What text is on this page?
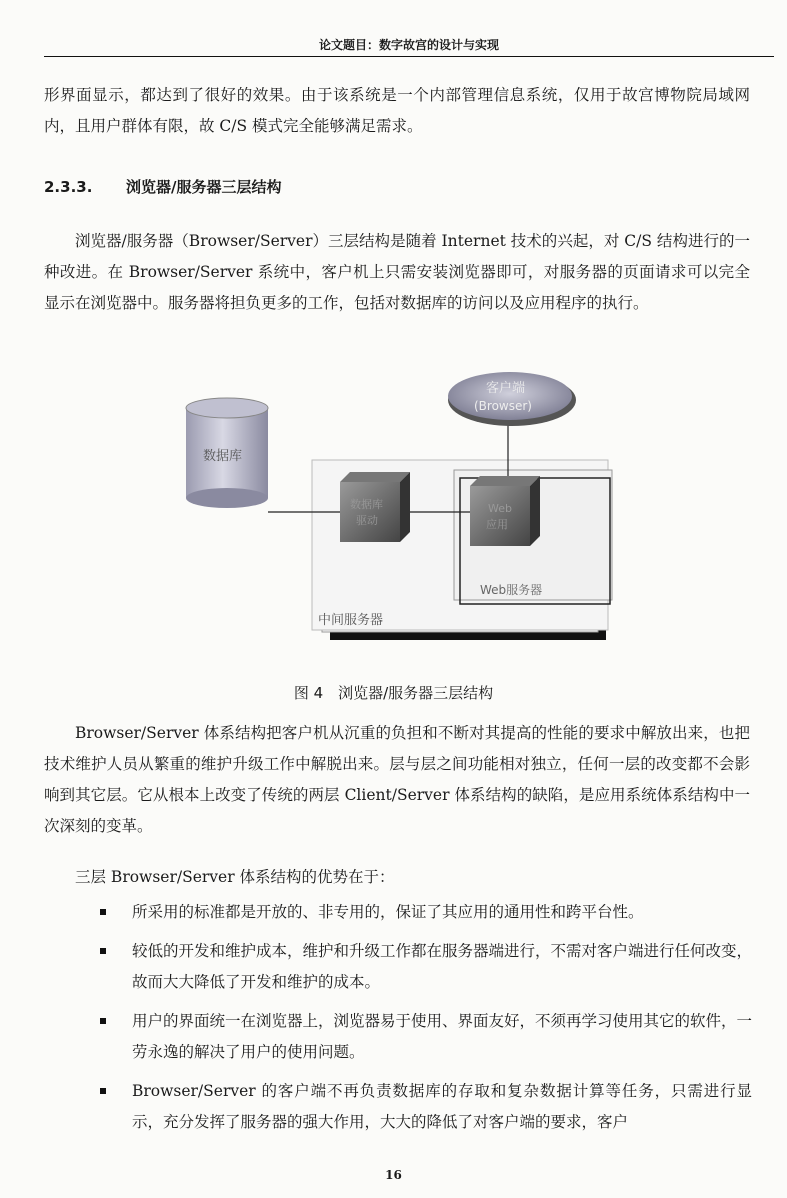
论文题目：数字故宫的设计与实现

形界面显示，都达到了很好的效果。由于该系统是一个内部管理信息系统，仅用于故宫博物院局域网内，且用户群体有限，故 C/S 模式完全能够满足需求。

2.3.3. 浏览器/服务器三层结构

浏览器/服务器（Browser/Server）三层结构是随着 Internet 技术的兴起，对 C/S 结构进行的一种改进。在 Browser/Server 系统中，客户机上只需安装浏览器即可，对服务器的页面请求可以完全显示在浏览器中。服务器将担负更多的工作，包括对数据库的访问以及应用程序的执行。

中间服务器
Web服务器
数据库
数据库
驱动
Web
应用
客户端
(Browser)
图 4　浏览器/服务器三层结构

Browser/Server 体系结构把客户机从沉重的负担和不断对其提高的性能的要求中解放出来，也把技术维护人员从繁重的维护升级工作中解脱出来。层与层之间功能相对独立，任何一层的改变都不会影响到其它层。它从根本上改变了传统的两层 Client/Server 体系结构的缺陷，是应用系统体系结构中一次深刻的变革。

三层 Browser/Server 体系结构的优势在于：

所采用的标准都是开放的、非专用的，保证了其应用的通用性和跨平台性。
较低的开发和维护成本，维护和升级工作都在服务器端进行，不需对客户端进行任何改变，故而大大降低了开发和维护的成本。
用户的界面统一在浏览器上，浏览器易于使用、界面友好，不须再学习使用其它的软件，一劳永逸的解决了用户的使用问题。
Browser/Server 的客户端不再负责数据库的存取和复杂数据计算等任务，只需进行显示，充分发挥了服务器的强大作用，大大的降低了对客户端的要求，客户
16
